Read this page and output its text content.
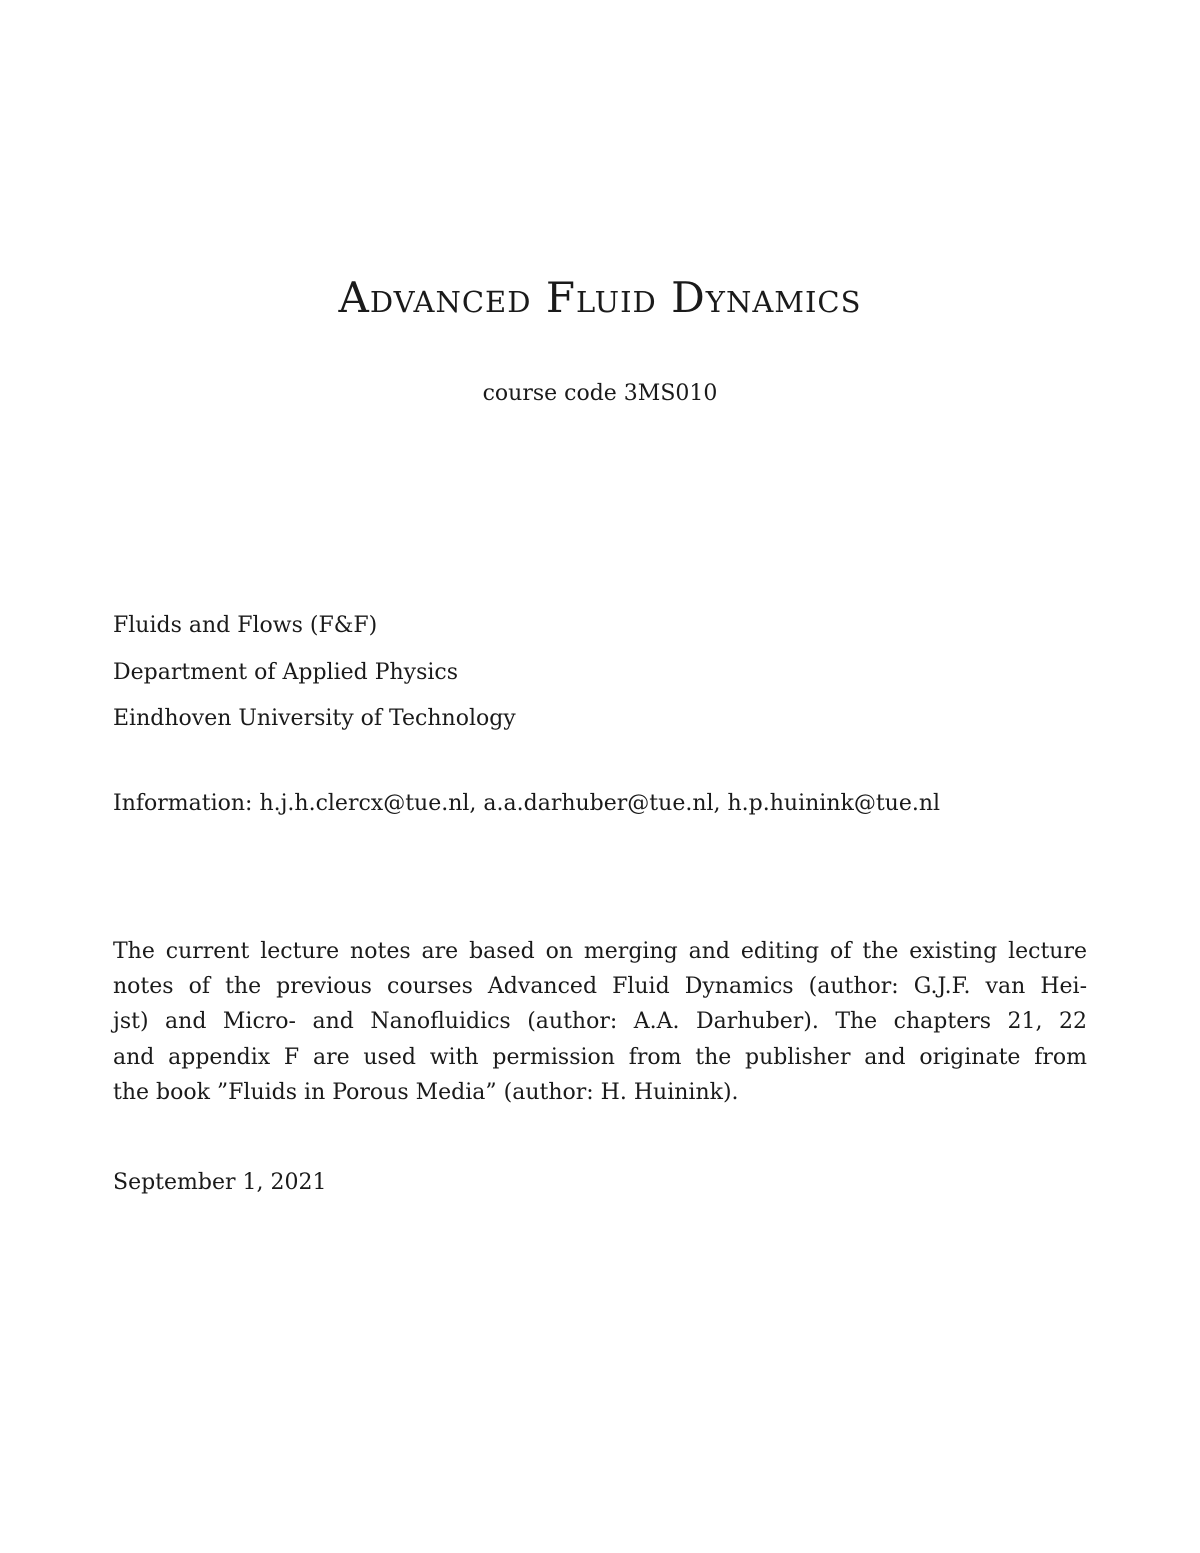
Advanced Fluid Dynamics
course code 3MS010
Fluids and Flows (F&F)
Department of Applied Physics
Eindhoven University of Technology
Information: h.j.h.clercx@tue.nl, a.a.darhuber@tue.nl, h.p.huinink@tue.nl
The current lecture notes are based on merging and editing of the existing lecture
notes of the previous courses Advanced Fluid Dynamics (author: G.J.F. van Hei-
jst) and Micro- and Nanofluidics (author: A.A. Darhuber). The chapters 21, 22
and appendix F are used with permission from the publisher and originate from
the book ”Fluids in Porous Media” (author: H. Huinink).
September 1, 2021
